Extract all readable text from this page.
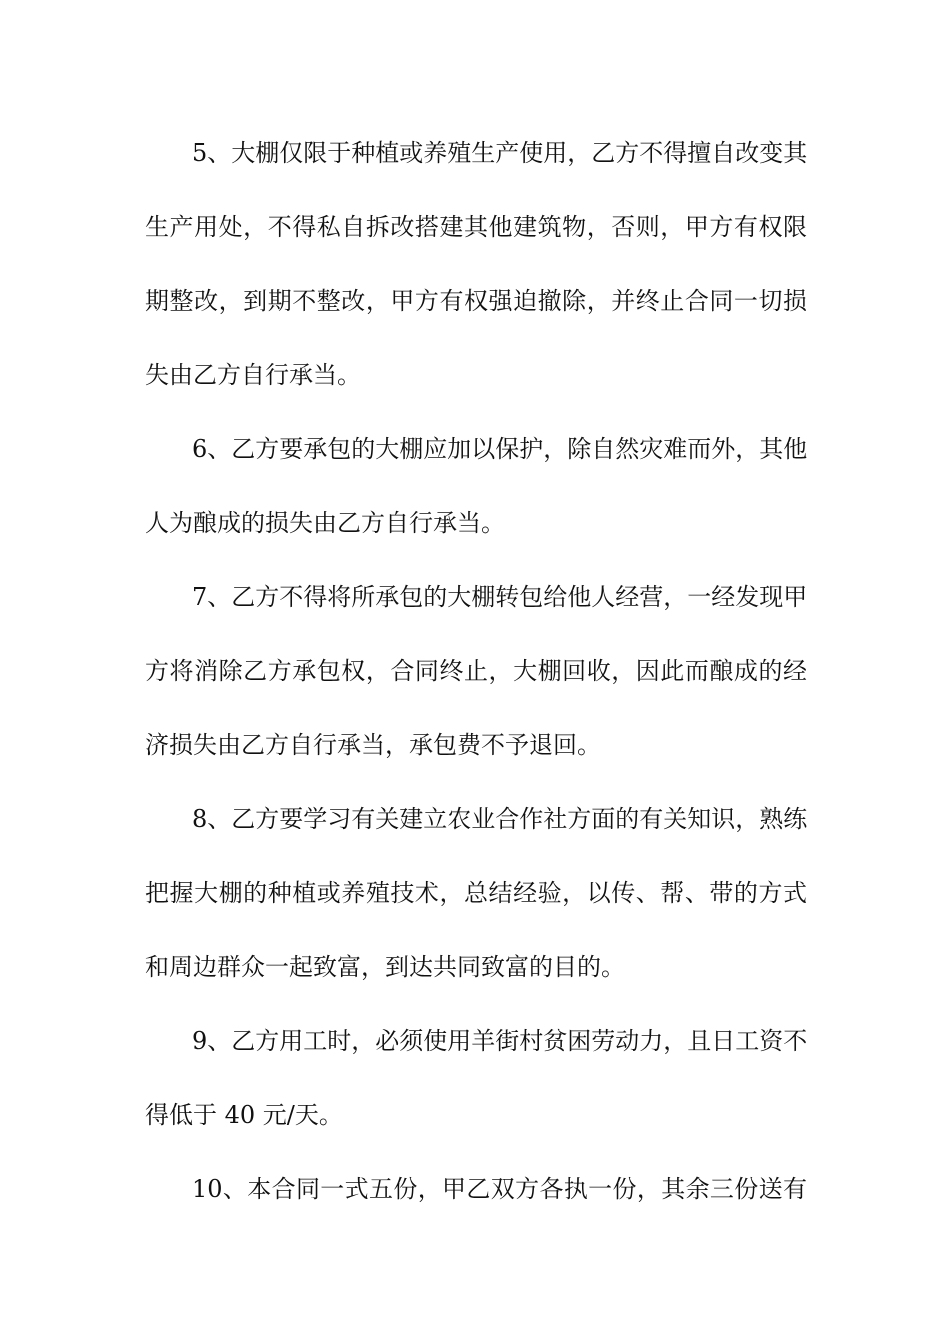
5、大棚仅限于种植或养殖生产使用，乙方不得擅自改变其
生产用处，不得私自拆改搭建其他建筑物，否则，甲方有权限
期整改，到期不整改，甲方有权强迫撤除，并终止合同一切损
失由乙方自行承当。
6、乙方要承包的大棚应加以保护，除自然灾难而外，其他
人为酿成的损失由乙方自行承当。
7、乙方不得将所承包的大棚转包给他人经营，一经发现甲
方将消除乙方承包权，合同终止，大棚回收，因此而酿成的经
济损失由乙方自行承当，承包费不予退回。
8、乙方要学习有关建立农业合作社方面的有关知识，熟练
把握大棚的种植或养殖技术，总结经验，以传、帮、带的方式
和周边群众一起致富，到达共同致富的目的。
9、乙方用工时，必须使用羊街村贫困劳动力，且日工资不
得低于 40 元/天。
10、本合同一式五份，甲乙双方各执一份，其余三份送有
